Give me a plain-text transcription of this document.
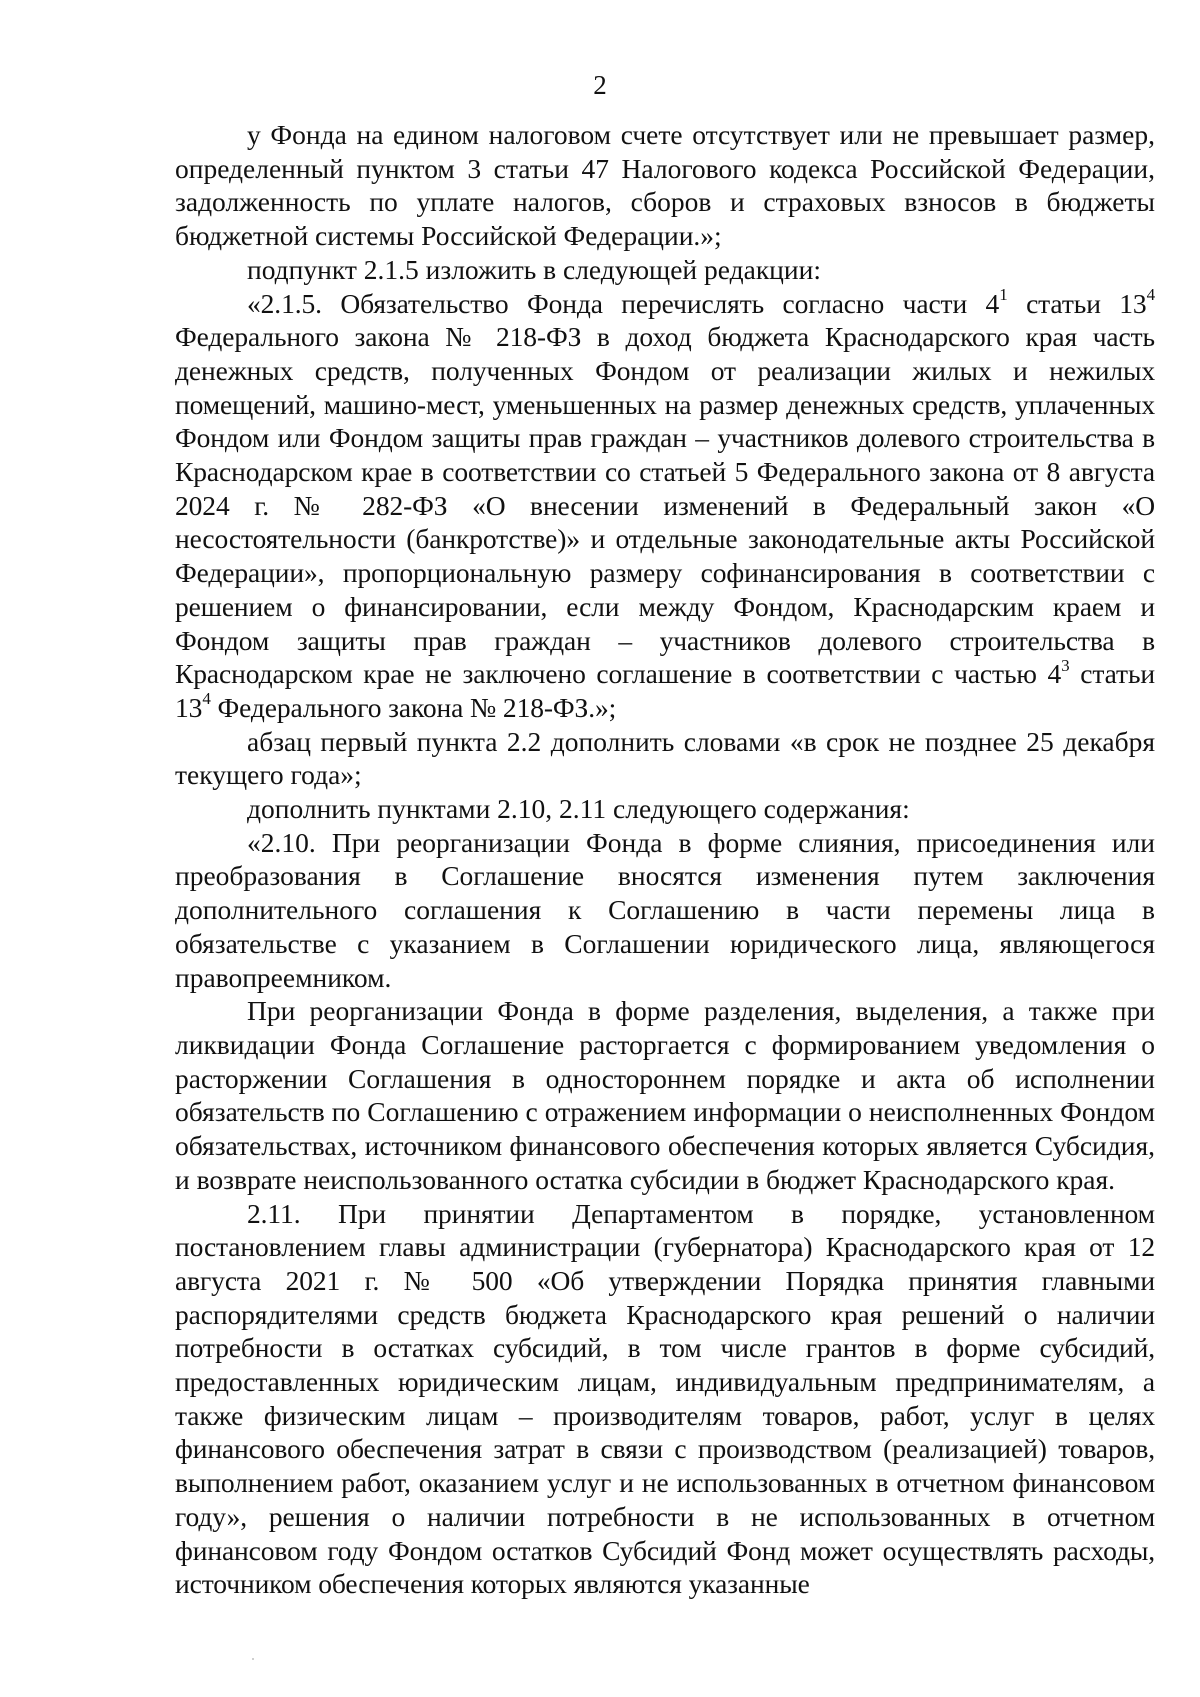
2

у Фонда на едином налоговом счете отсутствует или не превышает размер, определенный пунктом 3 статьи 47 Налогового кодекса Российской Федерации, задолженность по уплате налогов, сборов и страховых взносов в бюджеты бюджетной системы Российской Федерации.»;

подпункт 2.1.5 изложить в следующей редакции:

«2.1.5. Обязательство Фонда перечислять согласно части $4^1$ статьи $13^4$ Федерального закона № 218-ФЗ в доход бюджета Краснодарского края часть денежных средств, полученных Фондом от реализации жилых и нежилых помещений, машино-мест, уменьшенных на размер денежных средств, уплаченных Фондом или Фондом защиты прав граждан – участников долевого строительства в Краснодарском крае в соответствии со статьей 5 Федерального закона от 8 августа 2024 г. № 282-ФЗ «О внесении изменений в Федеральный закон «О несостоятельности (банкротстве)» и отдельные законодательные акты Российской Федерации», пропорциональную размеру софинансирования в соответствии с решением о финансировании, если между Фондом, Краснодарским краем и Фондом защиты прав граждан – участников долевого строительства в Краснодарском крае не заключено соглашение в соответствии с частью $4^3$ статьи $13^4$ Федерального закона № 218-ФЗ.»;

абзац первый пункта 2.2 дополнить словами «в срок не позднее 25 декабря текущего года»;

дополнить пунктами 2.10, 2.11 следующего содержания:

«2.10. При реорганизации Фонда в форме слияния, присоединения или преобразования в Соглашение вносятся изменения путем заключения дополнительного соглашения к Соглашению в части перемены лица в обязательстве с указанием в Соглашении юридического лица, являющегося правопреемником.

При реорганизации Фонда в форме разделения, выделения, а также при ликвидации Фонда Соглашение расторгается с формированием уведомления о расторжении Соглашения в одностороннем порядке и акта об исполнении обязательств по Соглашению с отражением информации о неисполненных Фондом обязательствах, источником финансового обеспечения которых является Субсидия, и возврате неиспользованного остатка субсидии в бюджет Краснодарского края.

2.11. При принятии Департаментом в порядке, установленном постановлением главы администрации (губернатора) Краснодарского края от 12 августа 2021 г. № 500 «Об утверждении Порядка принятия главными распорядителями средств бюджета Краснодарского края решений о наличии потребности в остатках субсидий, в том числе грантов в форме субсидий, предоставленных юридическим лицам, индивидуальным предпринимателям, а также физическим лицам – производителям товаров, работ, услуг в целях финансового обеспечения затрат в связи с производством (реализацией) товаров, выполнением работ, оказанием услуг и не использованных в отчетном финансовом году», решения о наличии потребности в не использованных в отчетном финансовом году Фондом остатков Субсидий Фонд может осуществлять расходы, источником обеспечения которых являются указанные
